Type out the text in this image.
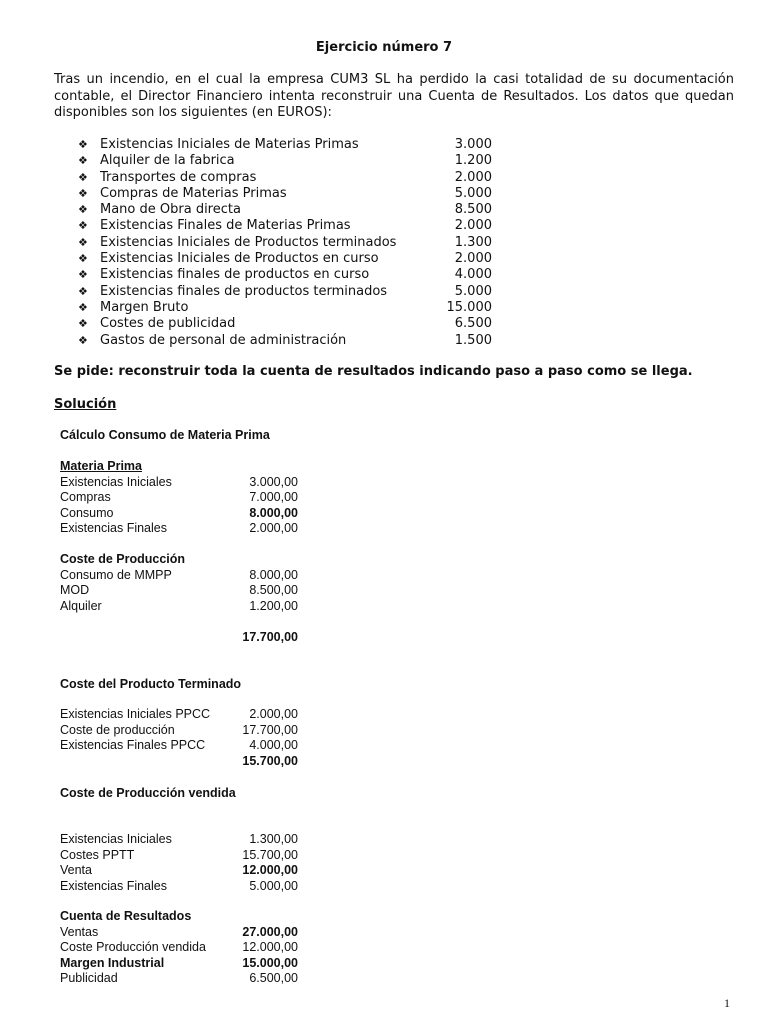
Ejercicio número 7
Tras un incendio, en el cual la empresa CUM3 SL ha perdido la casi totalidad de su documentación contable, el Director Financiero intenta reconstruir una Cuenta de Resultados. Los datos que quedan disponibles son los siguientes (en EUROS):
❖ Existencias Iniciales de Materias Primas	3.000
❖ Alquiler de la fabrica	1.200
❖ Transportes de compras	2.000
❖ Compras de Materias Primas	5.000
❖ Mano de Obra directa	8.500
❖ Existencias Finales de Materias Primas	2.000
❖ Existencias Iniciales de Productos terminados	1.300
❖ Existencias Iniciales de Productos en curso	2.000
❖ Existencias finales de productos en curso	4.000
❖ Existencias finales de productos terminados	5.000
❖ Margen Bruto	15.000
❖ Costes de publicidad	6.500
❖ Gastos de personal de administración	1.500
Se pide: reconstruir toda la cuenta de resultados indicando paso a paso como se llega.
Solución
Cálculo Consumo de Materia Prima
Materia Prima
Existencias Iniciales	3.000,00
Compras	7.000,00
Consumo	8.000,00
Existencias Finales	2.000,00
Coste de Producción
Consumo de MMPP	8.000,00
MOD	8.500,00
Alquiler	1.200,00
17.700,00
Coste del Producto Terminado
Existencias Iniciales PPCC	2.000,00
Coste de producción	17.700,00
Existencias Finales PPCC	4.000,00
15.700,00
Coste de Producción vendida
Existencias Iniciales	1.300,00
Costes PPTT	15.700,00
Venta	12.000,00
Existencias Finales	5.000,00
Cuenta de Resultados
Ventas	27.000,00
Coste Producción vendida	12.000,00
Margen Industrial	15.000,00
Publicidad	6.500,00
1
